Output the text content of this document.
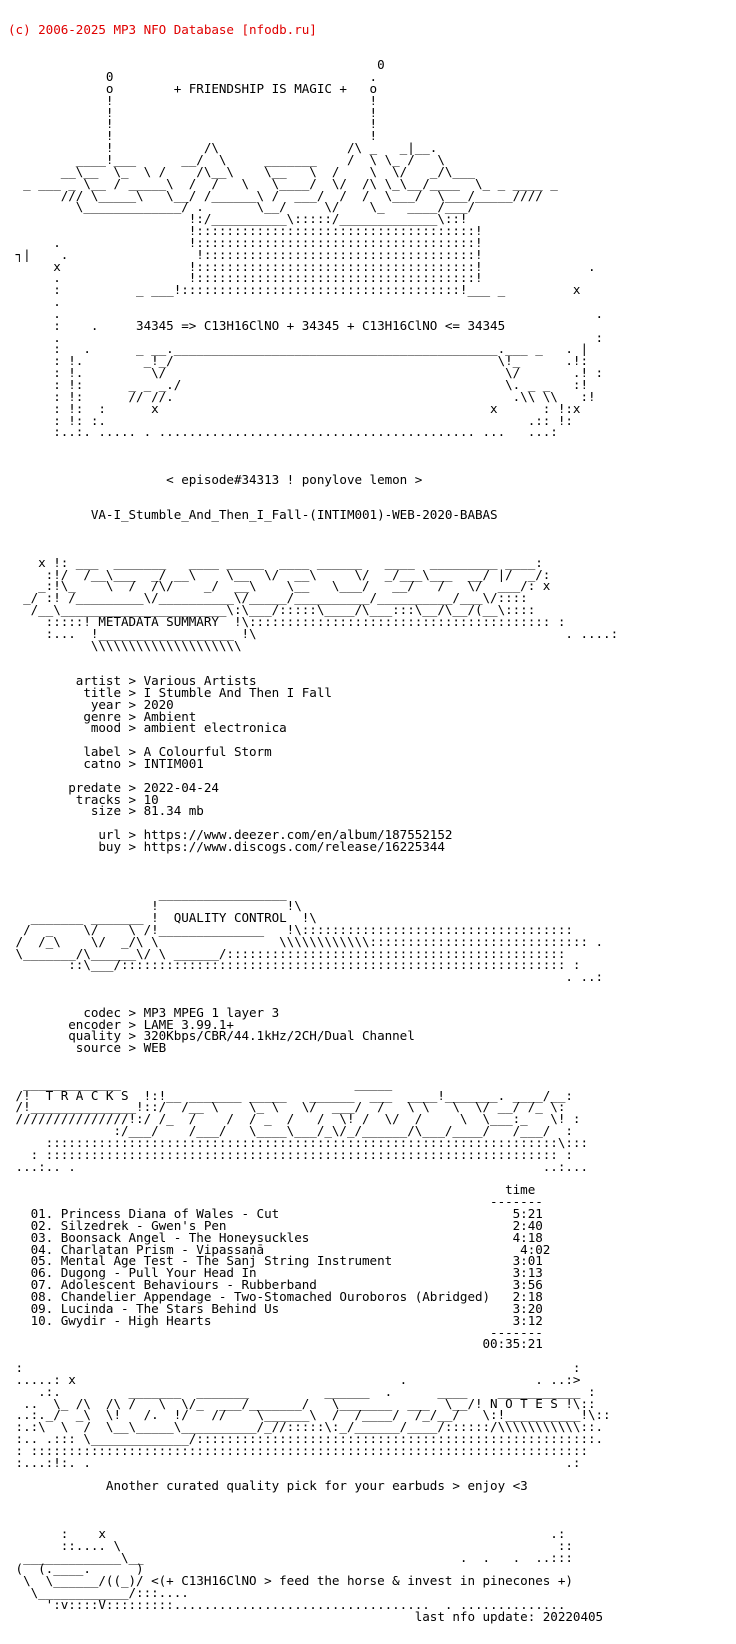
(c) 2006-2025 MP3 NFO Database [nfodb.ru]

0
0                                  .
o        + FRIENDSHIP IS MAGIC +   o
!                                  !
!                                  !
!                                  !
!                                  !
!            /\                 /\ _   _|__.
____!___      __/  \     _______    /  \ \_ /   \
__\__  \_  \ /    /\__\    \__   \  /    \  \/   _/\___
_ ___ _ \__ / _____\  /  /   \   \____/  \/  /\ \_\__/____  \_ _ ____ _
/// \_____\   \__/ /______\ /  ___/  /  /  \___/  \___/_____////
\_____________/ .       \__/     \/    \_   ____/___/
!:/__________\:::::/_____________\::!
!:::::::::::::::::::::::::::::::::::::!
.                 !:::::::::::::::::::::::::::::::::::::!
┐|    .                 !::::::::::::::::::::::::::::::::::::!
x                 !:::::::::::::::::::::::::::::::::::::!              .
.                 !:::::::::::::::::::::::::::::::::::::!
:          _ ___!:::::::::::::::::::::::::::::::::::::!___ _         x
.
.                                                                       .
:    .     34345 => C13H16ClNO + 34345 + C13H16ClNO <= 34345
.                                                                       :
:   .      _ __.___________________________________________.___ _   . |
: !.        _!_/                                           \!_      .!:
: !.         \/                                             \/       .! :
: !:      _ _ _./                                           \. _ _   :!
: !:      // //.                                             .\\ \\   :!
: !:  :      x                                            x      : !:x
: !: :.                                                        .:: !:
:..:. ..... . .......................................... ...   ...:
< episode#34313 ! ponylove lemon >
VA-I_Stumble_And_Then_I_Fall-(INTIM001)-WEB-2020-BABAS
x !: ___  _______   ____ _____  ____ ______   ____  _________ ____:
:!/  /__\___  _/ __\    \__  \/  __\     \/  _/___\___  __/ |/  _/:
_:!\_    \  /  /\/    _/  __\    \__   \___/   __/   /   \/  ___/: x
_/ :! /_________\/__________\/_____/__________/__________/___\/::::
/__\______________________\:\___/:::::\____/\___:::\__/\__/(__\::::
:::::! METADATA SUMMARY  !\:::::::::::::::::::::::::::::::::::::::: :
:...  !__________________ !\                                         . ....:
\\\\\\\\\\\\\\\\\\\\
artist > Various Artists
title > I Stumble And Then I Fall
year > 2020
genre > Ambient
mood > ambient electronica
label > A Colourful Storm
catno > INTIM001
predate > 2022-04-24
tracks > 10
size > 81.34 mb
url > https://www.deezer.com/en/album/187552152
buy > https://www.discogs.com/release/16225344
_________________
!                 !\
_______ _______ !  QUALITY CONTROL  !\
/  _    \/    \ /!______________   !\::::::::::::::::::::::::::::::::::::
/  /_\    \/  _/\ \                \\\\\\\\\\\\::::::::::::::::::::::::::::: .
\_______/\______\/ \ ______/:::::::::::::::::::::::::::::::::::::::::::::
::\___/::::::::::::::::::::::::::::::::::::::::::::::::::::::::::: :
. ..:
codec > MP3 MPEG 1 layer 3
encoder > LAME 3.99.1+
quality > 320Kbps/CBR/44.1kHz/2CH/Dual Channel
source > WEB
_____________                               _____
/!  T R A C K S  !:!__ _______ _____   ______  ___  ____!_______. ____/__:
/!______________!::/  /__ \    \_ \   \/  ___/  /   \ \   \  \/ __/ /_ \:
///////////////!:/ /_  /    /  / _  /   /  \! /  \/  /     \  \___:_   \! :
:/___/    /___/   \____\___/_\/_/______/\___/____/   /___/  :
::::::::::::::::::::::::::::::::::::::::::::::::::::::::::::::::::::\:::
: :::::::::::::::::::::::::::::::::::::::::::::::::::::::::::::::::::: :
...:.. .                                                              ..:...
time
-------
01. Princess Diana of Wales - Cut                               5:21
02. Silzedrek - Gwen's Pen                                      2:40
03. Boonsack Angel - The Honeysuckles                           4:18
04. Charlatan Prism - Vipassanā                                  4:02
05. Mental Age Test - The Sanj String Instrument                3:01
06. Dugong - Pull Your Head In                                  3:13
07. Adolescent Behaviours - Rubberband                          3:56
08. Chandelier Appendage - Two-Stomached Ouroboros (Abridged)   2:18
09. Lucinda - The Stars Behind Us                               3:20
10. Gwydir - High Hearts                                        3:12
-------
00:35:21
:                                                                         :
.....: x                                           .                 . ..:>
.:.         _______  _______          ______  .      ____    ___________ :
..  \_ /\  /\ /   \  \/_  ___/_______/   \_______  ___  \__/! N O T E S !\::
..:._/  _\  \!   /.  !/   //    \______\  /  /____/  /_/__/   \:!__________!\::
:.:\  \  /  \__\_____\__________/_//:::::\:_/______/____/::::::/\\\\\\\\\\\::.
:.. .::: \_____________/:::::::::::::::::::::::::::::::::::::::::::::::::::::.
: ::::::::::::::::::::::::::::::::::::::::::::::::::::::::::::::::::::::::::
:...:!:. .                                                               .:
Another curated quality pick for your earbuds > enjoy <3
:    x                                                           .:
::.... \                                                          ::
_____________\__                                          .  .   .  ..:::
(  (.____.      )
\  \______/((_)/ <(+ C13H16ClNO > feed the horse & invest in pinecones +)
\____________/:::....
':v::::V:::::::::..................................  . ..............
last nfo update: 20220405
